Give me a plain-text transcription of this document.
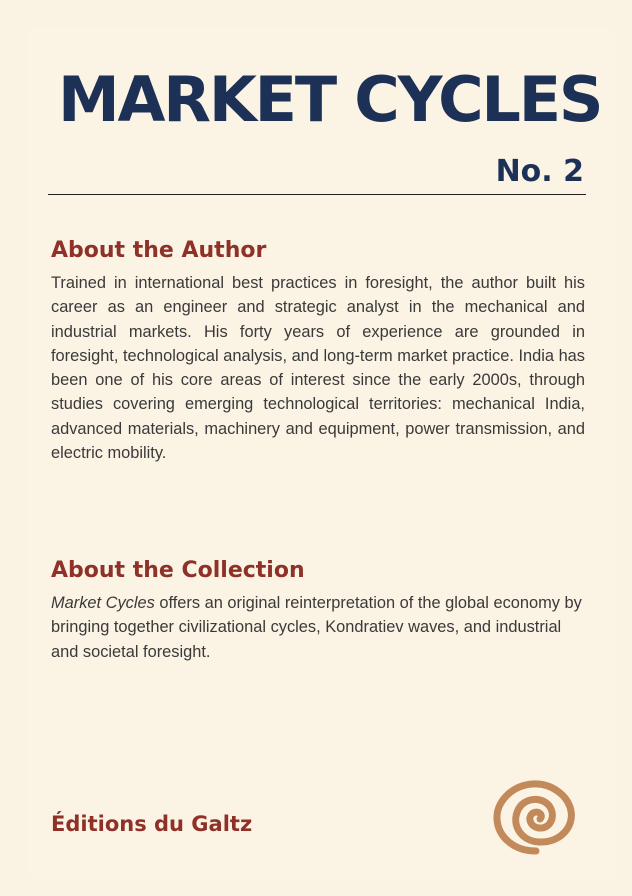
MARKET CYCLES
No. 2
About the Author

Trained in international best practices in foresight, the author built his career as an engineer and strategic analyst in the mechanical and industrial markets. His forty years of experience are grounded in foresight, technological analysis, and long-term market practice. India has been one of his core areas of interest since the early 2000s, through studies covering emerging technological territories: mechanical India, advanced materials, machinery and equipment, power transmission, and electric mobility.

About the Collection

Market Cycles offers an original reinterpretation of the global economy by bringing together civilizational cycles, Kondratiev waves, and industrial and societal foresight.

Éditions du Galtz
